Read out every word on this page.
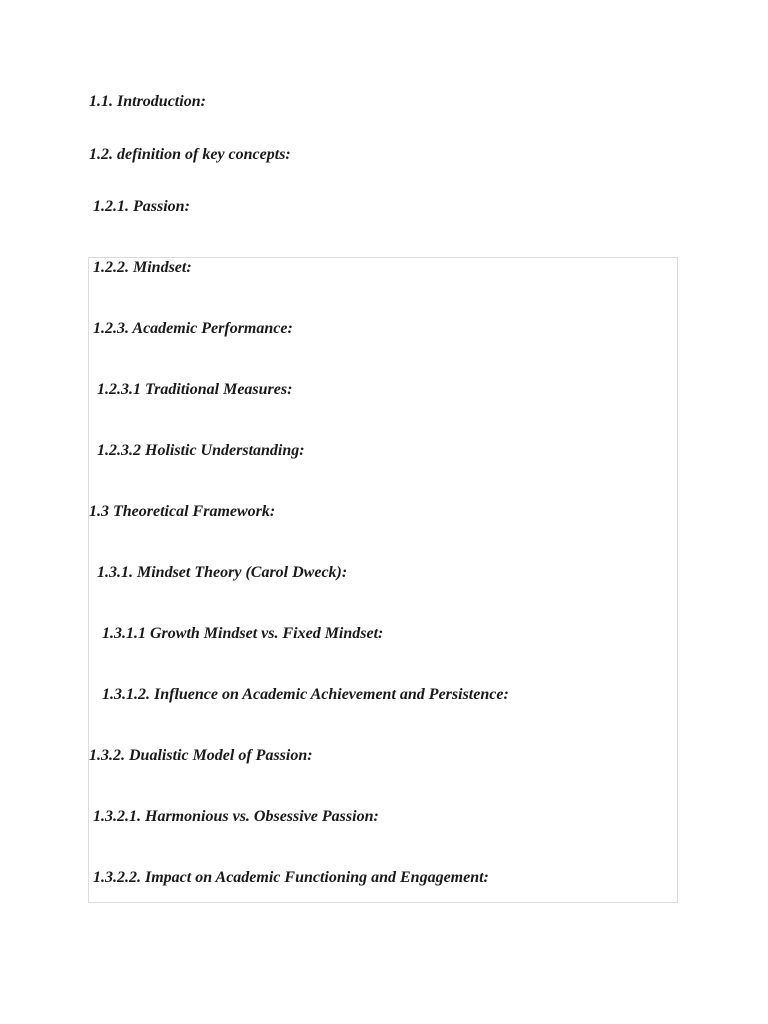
1.1. Introduction:

1.2. definition of key concepts:

1.2.1. Passion:

1.2.2. Mindset:

1.2.3. Academic Performance:

1.2.3.1 Traditional Measures:

1.2.3.2 Holistic Understanding:

1.3 Theoretical Framework:

1.3.1. Mindset Theory (Carol Dweck):

1.3.1.1 Growth Mindset vs. Fixed Mindset:

1.3.1.2. Influence on Academic Achievement and Persistence:

1.3.2. Dualistic Model of Passion:

1.3.2.1. Harmonious vs. Obsessive Passion:

1.3.2.2. Impact on Academic Functioning and Engagement:
